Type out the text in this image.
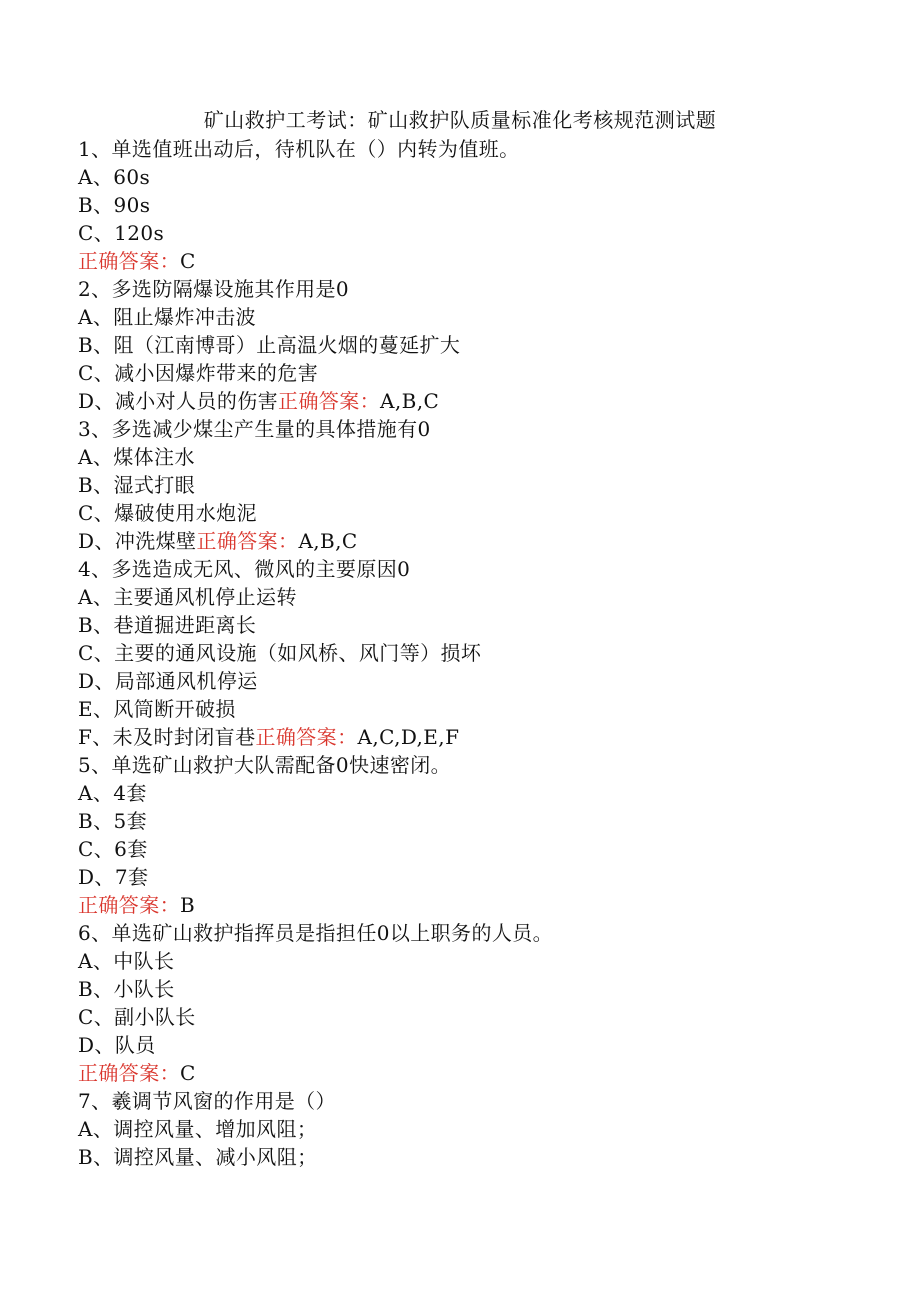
矿山救护工考试：矿山救护队质量标准化考核规范测试题
1、单选值班出动后，待机队在（）内转为值班。
A、60s
B、90s
C、120s
正确答案：C
2、多选防隔爆设施其作用是0
A、阻止爆炸冲击波
B、阻（江南博哥）止高温火烟的蔓延扩大
C、减小因爆炸带来的危害
D、减小对人员的伤害正确答案：A,B,C
3、多选减少煤尘产生量的具体措施有0
A、煤体注水
B、湿式打眼
C、爆破使用水炮泥
D、冲洗煤壁正确答案：A,B,C
4、多选造成无风、微风的主要原因0
A、主要通风机停止运转
B、巷道掘进距离长
C、主要的通风设施（如风桥、风门等）损坏
D、局部通风机停运
E、风筒断开破损
F、未及时封闭盲巷正确答案：A,C,D,E,F
5、单选矿山救护大队需配备0快速密闭。
A、4套
B、5套
C、6套
D、7套
正确答案：B
6、单选矿山救护指挥员是指担任0以上职务的人员。
A、中队长
B、小队长
C、副小队长
D、队员
正确答案：C
7、羲调节风窗的作用是（）
A、调控风量、增加风阻；
B、调控风量、减小风阻；
